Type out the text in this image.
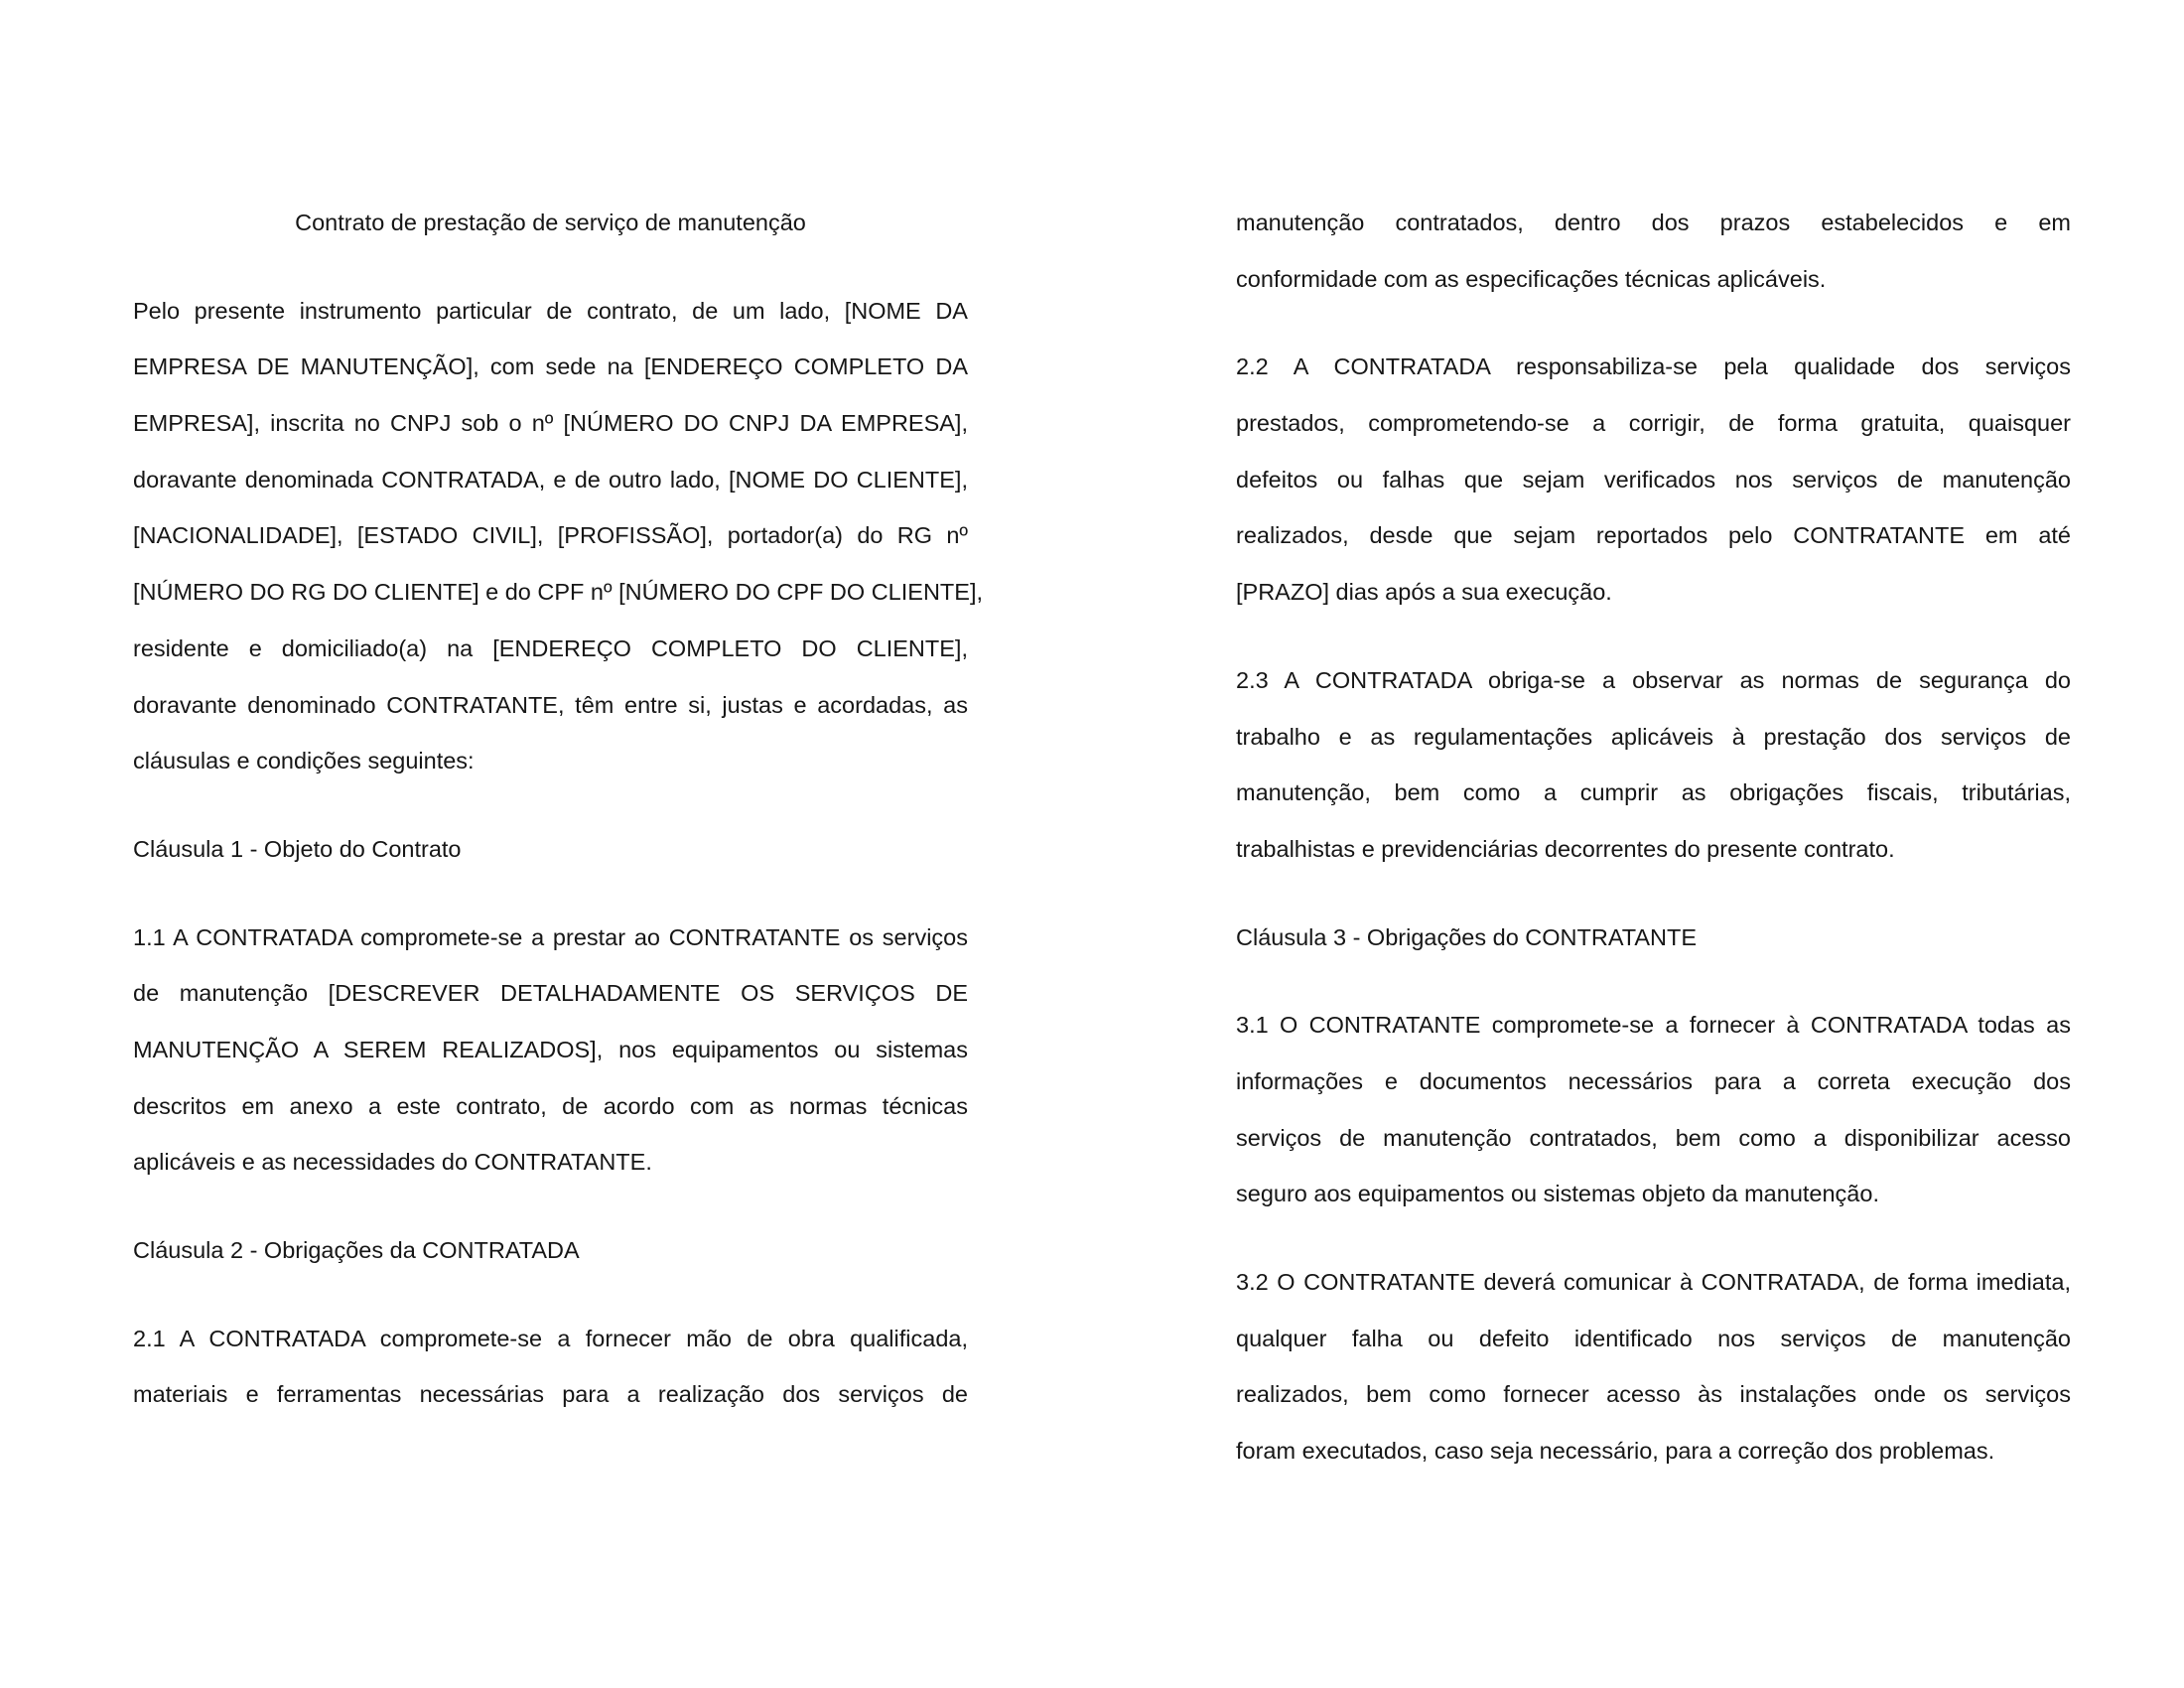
Contrato de prestação de serviço de manutenção
Pelo presente instrumento particular de contrato, de um lado, [NOME DA
EMPRESA DE MANUTENÇÃO], com sede na [ENDEREÇO COMPLETO DA
EMPRESA], inscrita no CNPJ sob o nº [NÚMERO DO CNPJ DA EMPRESA],
doravante denominada CONTRATADA, e de outro lado, [NOME DO CLIENTE],
[NACIONALIDADE], [ESTADO CIVIL], [PROFISSÃO], portador(a) do RG nº
[NÚMERO DO RG DO CLIENTE] e do CPF nº [NÚMERO DO CPF DO CLIENTE],
residente e domiciliado(a) na [ENDEREÇO COMPLETO DO CLIENTE],
doravante denominado CONTRATANTE, têm entre si, justas e acordadas, as
cláusulas e condições seguintes:
Cláusula 1 - Objeto do Contrato
1.1 A CONTRATADA compromete-se a prestar ao CONTRATANTE os serviços
de manutenção [DESCREVER DETALHADAMENTE OS SERVIÇOS DE
MANUTENÇÃO A SEREM REALIZADOS], nos equipamentos ou sistemas
descritos em anexo a este contrato, de acordo com as normas técnicas
aplicáveis e as necessidades do CONTRATANTE.
Cláusula 2 - Obrigações da CONTRATADA
2.1 A CONTRATADA compromete-se a fornecer mão de obra qualificada,
materiais e ferramentas necessárias para a realização dos serviços de
manutenção contratados, dentro dos prazos estabelecidos e em
conformidade com as especificações técnicas aplicáveis.
2.2 A CONTRATADA responsabiliza-se pela qualidade dos serviços
prestados, comprometendo-se a corrigir, de forma gratuita, quaisquer
defeitos ou falhas que sejam verificados nos serviços de manutenção
realizados, desde que sejam reportados pelo CONTRATANTE em até
[PRAZO] dias após a sua execução.
2.3 A CONTRATADA obriga-se a observar as normas de segurança do
trabalho e as regulamentações aplicáveis à prestação dos serviços de
manutenção, bem como a cumprir as obrigações fiscais, tributárias,
trabalhistas e previdenciárias decorrentes do presente contrato.
Cláusula 3 - Obrigações do CONTRATANTE
3.1 O CONTRATANTE compromete-se a fornecer à CONTRATADA todas as
informações e documentos necessários para a correta execução dos
serviços de manutenção contratados, bem como a disponibilizar acesso
seguro aos equipamentos ou sistemas objeto da manutenção.
3.2 O CONTRATANTE deverá comunicar à CONTRATADA, de forma imediata,
qualquer falha ou defeito identificado nos serviços de manutenção
realizados, bem como fornecer acesso às instalações onde os serviços
foram executados, caso seja necessário, para a correção dos problemas.
